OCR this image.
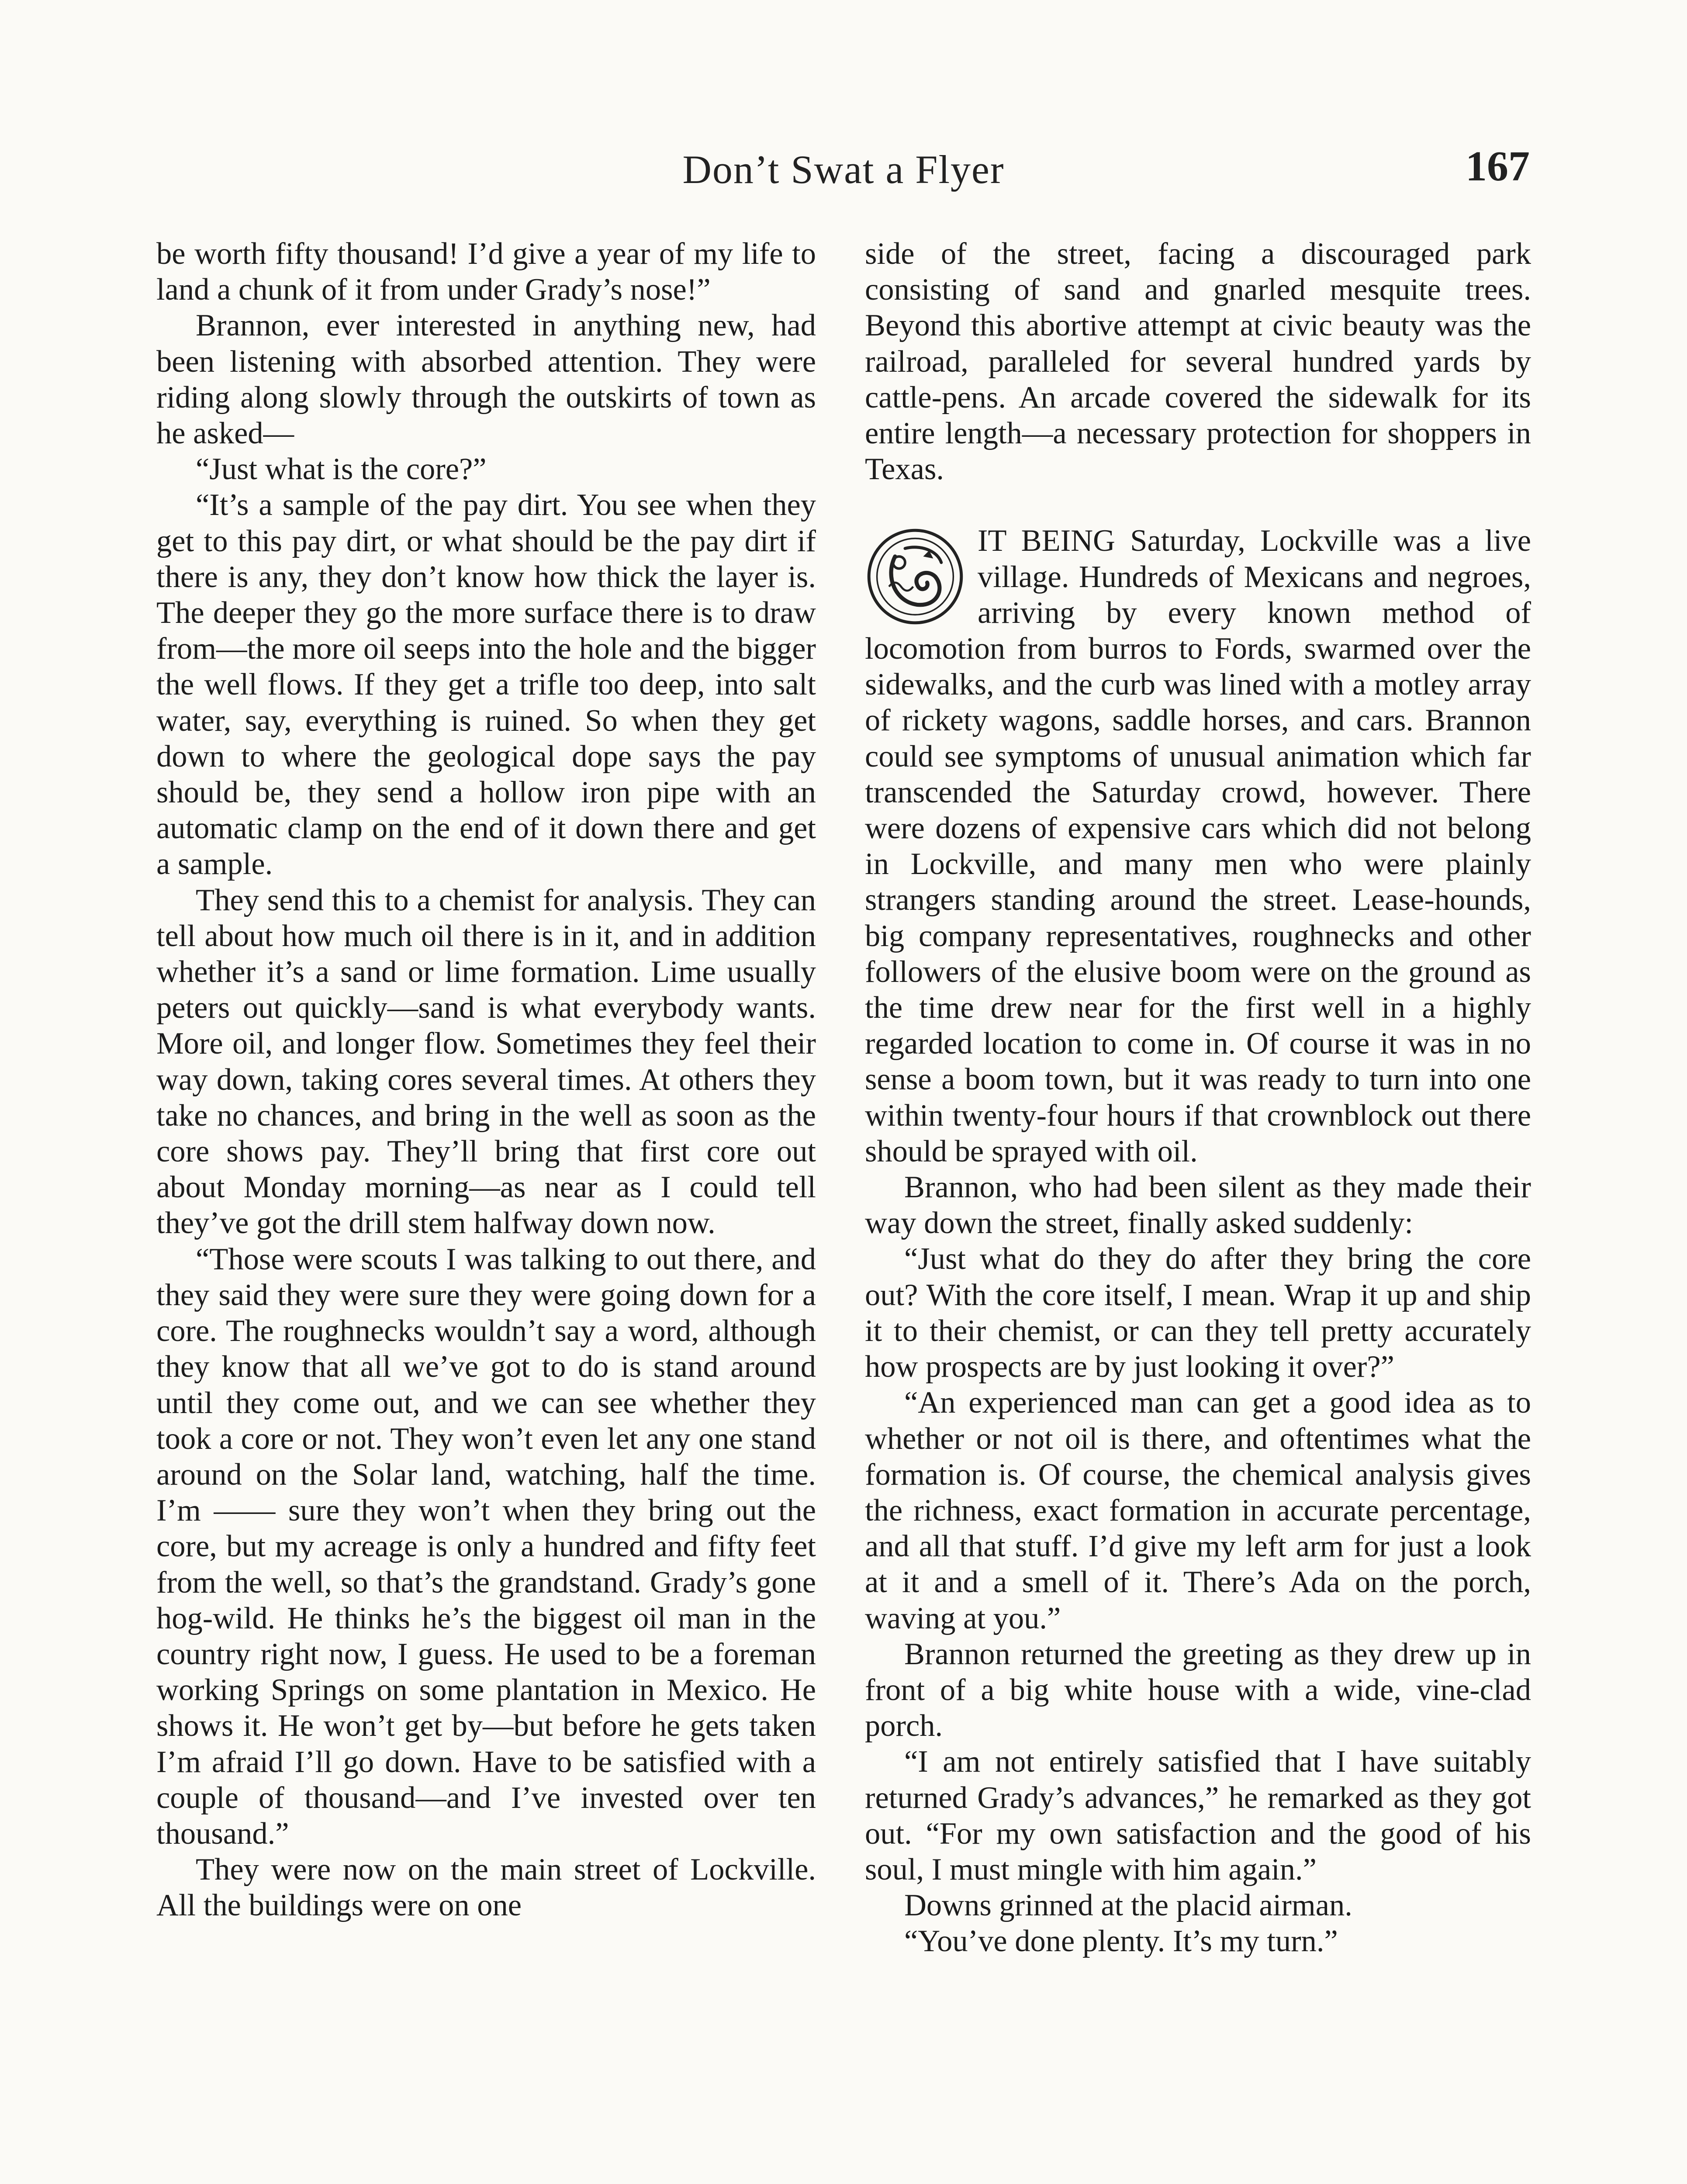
Don’t Swat a Flyer	167

be worth fifty thousand! I’d give a year of my life to land a chunk of it from under Grady’s nose!”

Brannon, ever interested in anything new, had been listening with absorbed attention. They were riding along slowly through the outskirts of town as he asked—

“Just what is the core?”

“It’s a sample of the pay dirt. You see when they get to this pay dirt, or what should be the pay dirt if there is any, they don’t know how thick the layer is. The deeper they go the more surface there is to draw from—the more oil seeps into the hole and the bigger the well flows. If they get a trifle too deep, into salt water, say, everything is ruined. So when they get down to where the geological dope says the pay should be, they send a hollow iron pipe with an automatic clamp on the end of it down there and get a sample.

They send this to a chemist for analysis. They can tell about how much oil there is in it, and in addition whether it’s a sand or lime formation. Lime usually peters out quickly—sand is what everybody wants. More oil, and longer flow. Sometimes they feel their way down, taking cores several times. At others they take no chances, and bring in the well as soon as the core shows pay. They’ll bring that first core out about Monday morning—as near as I could tell they’ve got the drill stem halfway down now.

“Those were scouts I was talking to out there, and they said they were sure they were going down for a core. The roughnecks wouldn’t say a word, although they know that all we’ve got to do is stand around until they come out, and we can see whether they took a core or not. They won’t even let any one stand around on the Solar land, watching, half the time. I’m —— sure they won’t when they bring out the core, but my acreage is only a hundred and fifty feet from the well, so that’s the grandstand. Grady’s gone hog-wild. He thinks he’s the biggest oil man in the country right now, I guess. He used to be a foreman working Springs on some plantation in Mexico. He shows it. He won’t get by—but before he gets taken I’m afraid I’ll go down. Have to be satisfied with a couple of thousand—and I’ve invested over ten thousand.”

They were now on the main street of Lockville. All the buildings were on one

side of the street, facing a discouraged park consisting of sand and gnarled mesquite trees. Beyond this abortive attempt at civic beauty was the railroad, paralleled for several hundred yards by cattle-pens. An arcade covered the sidewalk for its entire length—a necessary protection for shoppers in Texas.

IT BEING Saturday, Lockville was a live village. Hundreds of Mexicans and negroes, arriving by every known method of locomotion from burros to Fords, swarmed over the sidewalks, and the curb was lined with a motley array of rickety wagons, saddle horses, and cars. Brannon could see symptoms of unusual animation which far transcended the Saturday crowd, however. There were dozens of expensive cars which did not belong in Lockville, and many men who were plainly strangers standing around the street. Lease-hounds, big company representatives, roughnecks and other followers of the elusive boom were on the ground as the time drew near for the first well in a highly regarded location to come in. Of course it was in no sense a boom town, but it was ready to turn into one within twenty-four hours if that crownblock out there should be sprayed with oil.

Brannon, who had been silent as they made their way down the street, finally asked suddenly:

“Just what do they do after they bring the core out? With the core itself, I mean. Wrap it up and ship it to their chemist, or can they tell pretty accurately how prospects are by just looking it over?”

“An experienced man can get a good idea as to whether or not oil is there, and oftentimes what the formation is. Of course, the chemical analysis gives the richness, exact formation in accurate percentage, and all that stuff. I’d give my left arm for just a look at it and a smell of it. There’s Ada on the porch, waving at you.”

Brannon returned the greeting as they drew up in front of a big white house with a wide, vine-clad porch.

“I am not entirely satisfied that I have suitably returned Grady’s advances,” he remarked as they got out. “For my own satisfaction and the good of his soul, I must mingle with him again.”

Downs grinned at the placid airman.

“You’ve done plenty. It’s my turn.”
